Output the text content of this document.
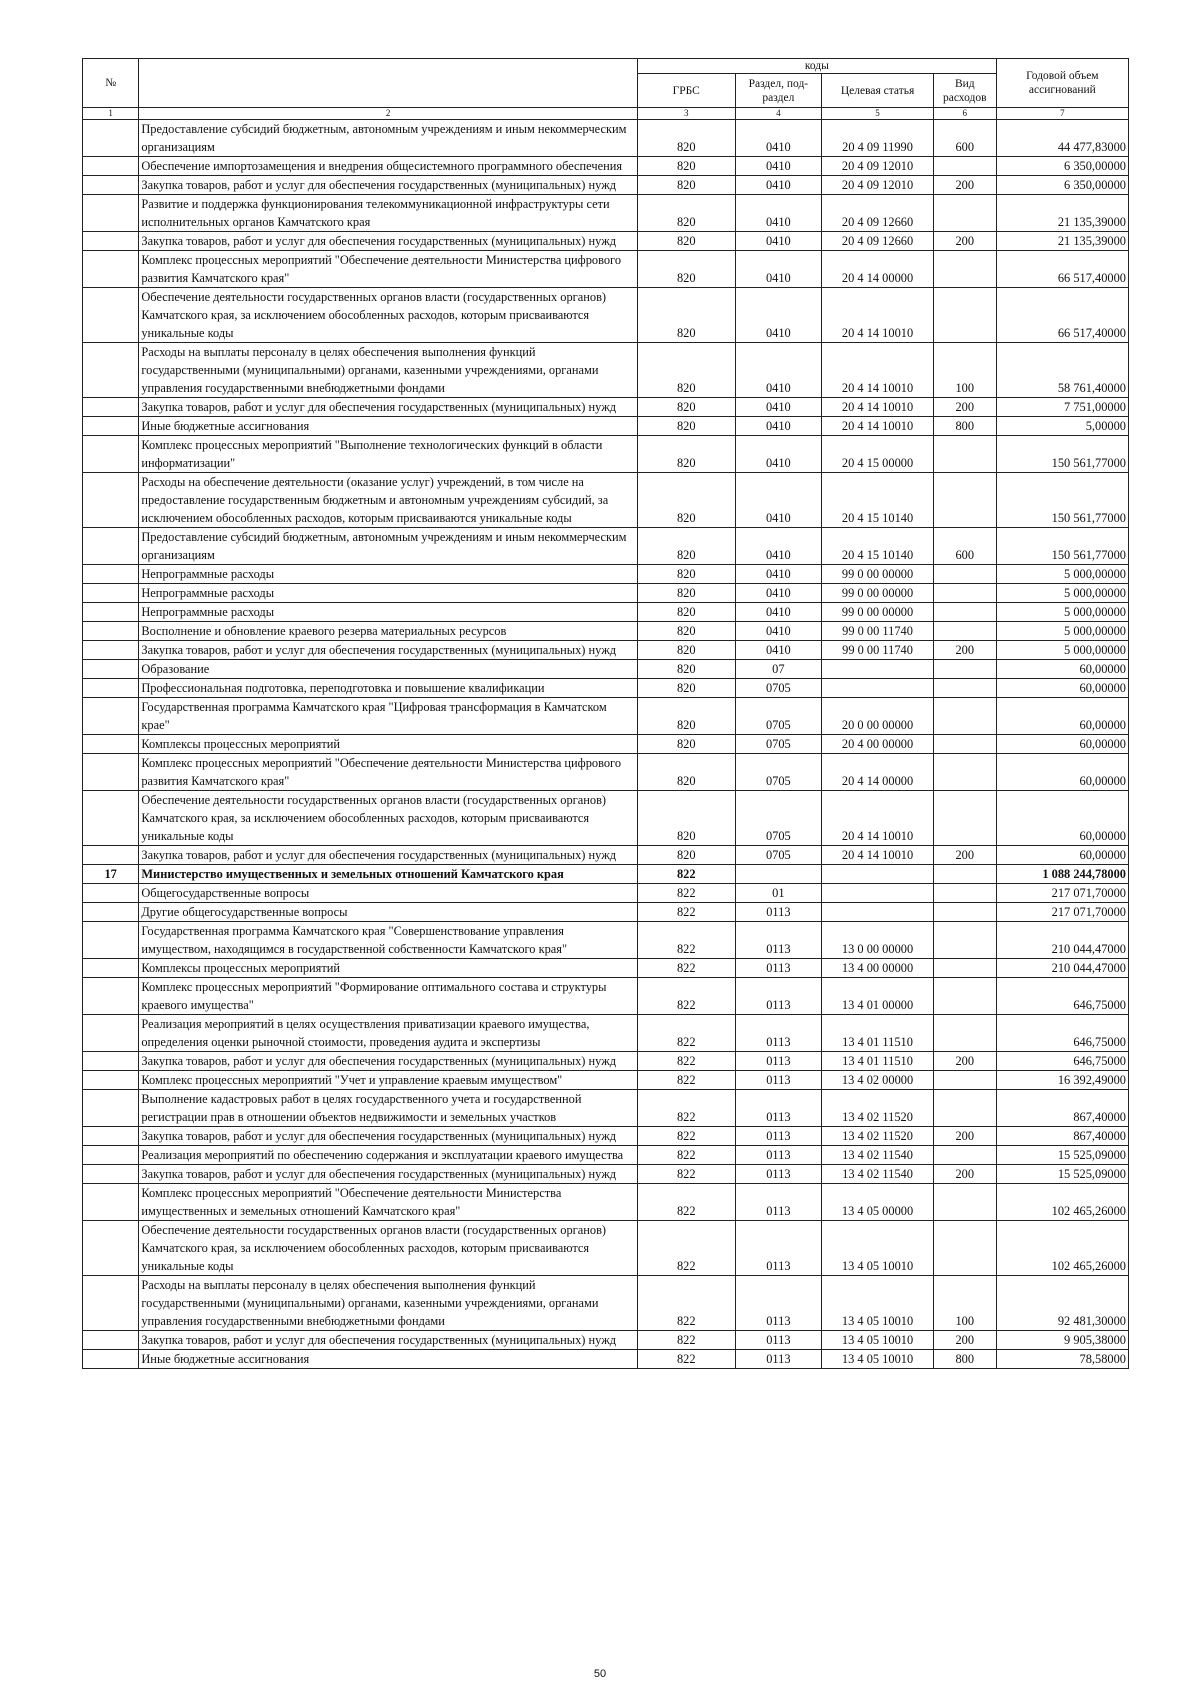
№		коды				Годовой объем ассигнований
		ГРБС	Раздел, под-раздел	Целевая статья	Вид расходов	
1	2	3	4	5	6	7
	Предоставление субсидий бюджетным, автономным учреждениям и иным некоммерческим организациям	820	0410	20 4 09 11990	600	44 477,83000
	Обеспечение импортозамещения и внедрения общесистемного программного обеспечения	820	0410	20 4 09 12010		6 350,00000
	Закупка товаров, работ и услуг для обеспечения государственных (муниципальных) нужд	820	0410	20 4 09 12010	200	6 350,00000
	Развитие и поддержка функционирования телекоммуникационной инфраструктуры сети исполнительных органов Камчатского края	820	0410	20 4 09 12660		21 135,39000
	Закупка товаров, работ и услуг для обеспечения государственных (муниципальных) нужд	820	0410	20 4 09 12660	200	21 135,39000
	Комплекс процессных мероприятий "Обеспечение деятельности Министерства цифрового развития Камчатского края"	820	0410	20 4 14 00000		66 517,40000
	Обеспечение деятельности государственных органов власти (государственных органов) Камчатского края, за исключением обособленных расходов, которым присваиваются уникальные коды	820	0410	20 4 14 10010		66 517,40000
	Расходы на выплаты персоналу в целях обеспечения выполнения функций государственными (муниципальными) органами, казенными учреждениями, органами управления государственными внебюджетными фондами	820	0410	20 4 14 10010	100	58 761,40000
	Закупка товаров, работ и услуг для обеспечения государственных (муниципальных) нужд	820	0410	20 4 14 10010	200	7 751,00000
	Иные бюджетные ассигнования	820	0410	20 4 14 10010	800	5,00000
	Комплекс процессных мероприятий "Выполнение технологических функций в области информатизации"	820	0410	20 4 15 00000		150 561,77000
	Расходы на обеспечение деятельности (оказание услуг) учреждений, в том числе на предоставление государственным бюджетным и автономным учреждениям субсидий, за исключением обособленных расходов, которым присваиваются уникальные коды	820	0410	20 4 15 10140		150 561,77000
	Предоставление субсидий бюджетным, автономным учреждениям и иным некоммерческим организациям	820	0410	20 4 15 10140	600	150 561,77000
	Непрограммные расходы	820	0410	99 0 00 00000		5 000,00000
	Непрограммные расходы	820	0410	99 0 00 00000		5 000,00000
	Непрограммные расходы	820	0410	99 0 00 00000		5 000,00000
	Восполнение и обновление краевого резерва материальных ресурсов	820	0410	99 0 00 11740		5 000,00000
	Закупка товаров, работ и услуг для обеспечения государственных (муниципальных) нужд	820	0410	99 0 00 11740	200	5 000,00000
	Образование	820	07			60,00000
	Профессиональная подготовка, переподготовка и повышение квалификации	820	0705			60,00000
	Государственная программа Камчатского края "Цифровая трансформация в Камчатском крае"	820	0705	20 0 00 00000		60,00000
	Комплексы процессных мероприятий	820	0705	20 4 00 00000		60,00000
	Комплекс процессных мероприятий "Обеспечение деятельности Министерства цифрового развития Камчатского края"	820	0705	20 4 14 00000		60,00000
	Обеспечение деятельности государственных органов власти (государственных органов) Камчатского края, за исключением обособленных расходов, которым присваиваются уникальные коды	820	0705	20 4 14 10010		60,00000
	Закупка товаров, работ и услуг для обеспечения государственных (муниципальных) нужд	820	0705	20 4 14 10010	200	60,00000
17	Министерство имущественных и земельных отношений Камчатского края	822				1 088 244,78000
	Общегосударственные вопросы	822	01			217 071,70000
	Другие общегосударственные вопросы	822	0113			217 071,70000
	Государственная программа Камчатского края "Совершенствование управления имуществом, находящимся в государственной собственности Камчатского края"	822	0113	13 0 00 00000		210 044,47000
	Комплексы процессных мероприятий	822	0113	13 4 00 00000		210 044,47000
	Комплекс процессных мероприятий "Формирование оптимального состава и структуры краевого имущества"	822	0113	13 4 01 00000		646,75000
	Реализация мероприятий в целях осуществления приватизации краевого имущества, определения оценки рыночной стоимости, проведения аудита и экспертизы	822	0113	13 4 01 11510		646,75000
	Закупка товаров, работ и услуг для обеспечения государственных (муниципальных) нужд	822	0113	13 4 01 11510	200	646,75000
	Комплекс процессных мероприятий "Учет и управление краевым имуществом"	822	0113	13 4 02 00000		16 392,49000
	Выполнение кадастровых работ в целях государственного учета и государственной регистрации прав в отношении объектов недвижимости и земельных участков	822	0113	13 4 02 11520		867,40000
	Закупка товаров, работ и услуг для обеспечения государственных (муниципальных) нужд	822	0113	13 4 02 11520	200	867,40000
	Реализация мероприятий по обеспечению содержания и эксплуатации краевого имущества	822	0113	13 4 02 11540		15 525,09000
	Закупка товаров, работ и услуг для обеспечения государственных (муниципальных) нужд	822	0113	13 4 02 11540	200	15 525,09000
	Комплекс процессных мероприятий "Обеспечение деятельности Министерства имущественных и земельных отношений Камчатского края"	822	0113	13 4 05 00000		102 465,26000
	Обеспечение деятельности государственных органов власти (государственных органов) Камчатского края, за исключением обособленных расходов, которым присваиваются уникальные коды	822	0113	13 4 05 10010		102 465,26000
	Расходы на выплаты персоналу в целях обеспечения выполнения функций государственными (муниципальными) органами, казенными учреждениями, органами управления государственными внебюджетными фондами	822	0113	13 4 05 10010	100	92 481,30000
	Закупка товаров, работ и услуг для обеспечения государственных (муниципальных) нужд	822	0113	13 4 05 10010	200	9 905,38000
	Иные бюджетные ассигнования	822	0113	13 4 05 10010	800	78,58000
50
